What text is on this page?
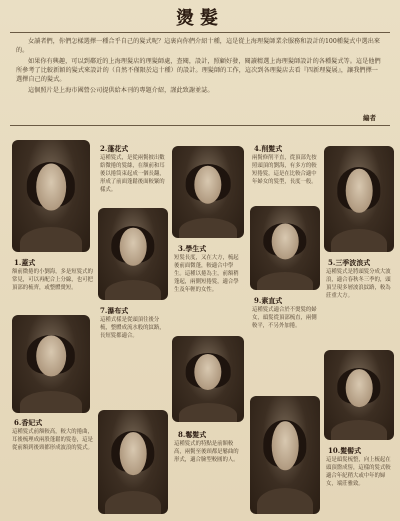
燙髮

女讀者們，你們怎樣選擇一種合乎自己的髮式呢？這裏向你們介紹十種，這是從上海理髮師業余服務和設計的100種髮式中選出來的。

如果你有興趣，可以到鄰近的上海理髮店的理髮師處，查閱，設計，照顧好發，閱讀精選上海理髮師設計的各種髮式等。這是他們所參考了比較新穎的髮式來設計的（自然不僅限於這十種）的設計。理髮師的工作，這次到各理髮店去看『四新理髮展』，讓我們擇一選擇自己的髮式。

這個照片是上海市國營公司提供給本刊的專題介紹，謹此致謝並誌。

編者
1.蓋式
額前微捲的小劉海，多是短髮式的常見，可以再配合上分線，也可把頂部的梳齊，或整體燙短。
6.香妃式
這種髮式前額較高，較大的捲曲，耳後梳理成兩股蓬鬆的髮卷，這是從前額到後頸都形成波浪的髮式。
2.蓬花式
這種髮式，是從兩鬢披出數絡微捲的髮絲，在額前和耳後以捲筒束起成一個長翻，形成了前面蓬鬆後面較緊的樣式。
7.瀑布式
這種式樣是從頭頂往後分梳，整體成流水般的紋路，長短髮都適合。
3.學生式
短髮長度，又在大方，梳起後前面微蓬，較適合中學生。這種以捲為主，前額稍蓬起，兩側短捲髮，適合學生及年輕的女性。
8.鬈髮式
這種髮式的特點是前額較高，兩鬢至後頸都是鬈曲的形式，適合臉型較圓的人。
4.削髮式
兩鬢修削平直，從頂部先按照頭頂的劉海，有多方的較短捲髮，這是在比較合適中年婦女的髮型，長度一般。
9.素直式
這種髮式適合於不燙髮的婦女，頭髮從頂部梳直，兩側較平，不另外加捲。
5.三季波浪式
這種髮式是將頭髮分成大波浪，適合春秋冬三季的，頭頂呈現多層波浪紋路，較為莊重大方。
10.髮髻式
這是頭髮梳整，向上梳起在頭頂盤成髻，這樣的髮式較適合年紀稍大或中年的婦女，端莊雅致。
